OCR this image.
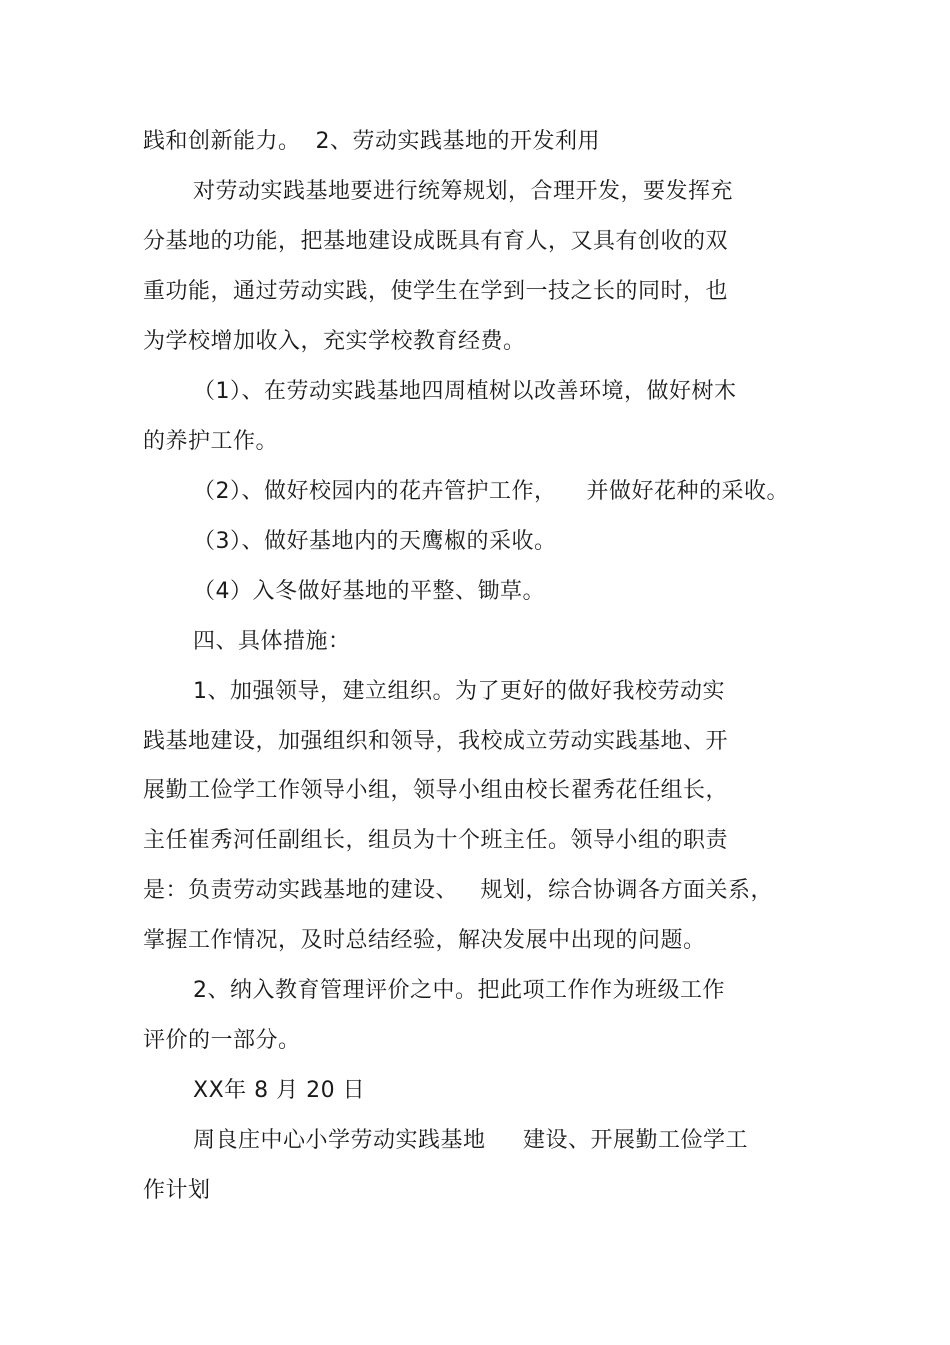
践和创新能力。  2、劳动实践基地的开发利用
对劳动实践基地要进行统筹规划，合理开发，要发挥充
分基地的功能，把基地建设成既具有育人，又具有创收的双
重功能，通过劳动实践，使学生在学到一技之长的同时，也
为学校增加收入，充实学校教育经费。
（1）、在劳动实践基地四周植树以改善环境，做好树木
的养护工作。
（2）、做好校园内的花卉管护工作，    并做好花种的采收。
（3）、做好基地内的天鹰椒的采收。
（4）入冬做好基地的平整、锄草。
四、具体措施：
1、加强领导，建立组织。为了更好的做好我校劳动实
践基地建设，加强组织和领导，我校成立劳动实践基地、开
展勤工俭学工作领导小组，领导小组由校长翟秀花任组长，
主任崔秀河任副组长，组员为十个班主任。领导小组的职责
是：负责劳动实践基地的建设、   规划，综合协调各方面关系，
掌握工作情况，及时总结经验，解决发展中出现的问题。
2、纳入教育管理评价之中。把此项工作作为班级工作
评价的一部分。
XX年 8 月 20 日
周良庄中心小学劳动实践基地     建设、开展勤工俭学工
作计划
